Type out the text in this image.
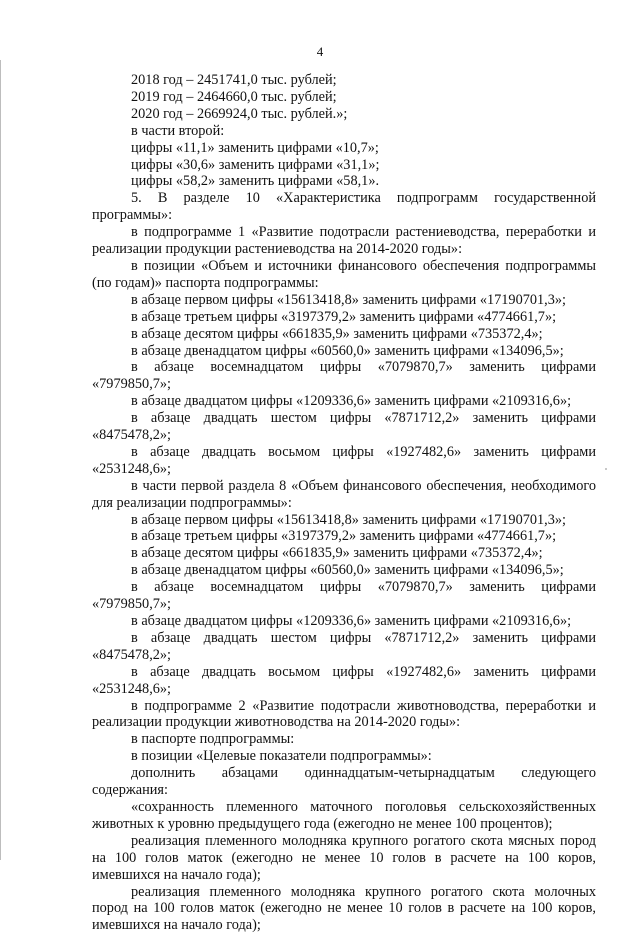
4

2018 год – 2451741,0 тыс. рублей;

2019 год – 2464660,0 тыс. рублей;

2020 год – 2669924,0 тыс. рублей.»;

в части второй:

цифры «11,1» заменить цифрами «10,7»;

цифры «30,6» заменить цифрами «31,1»;

цифры «58,2» заменить цифрами «58,1».

5. В разделе 10 «Характеристика подпрограмм государственной программы»:

в подпрограмме 1 «Развитие подотрасли растениеводства, переработки и реализации продукции растениеводства на 2014-2020 годы»:

в позиции «Объем и источники финансового обеспечения подпрограммы (по годам)» паспорта подпрограммы:

в абзаце первом цифры «15613418,8» заменить цифрами «17190701,3»;

в абзаце третьем цифры «3197379,2» заменить цифрами «4774661,7»;

в абзаце десятом цифры «661835,9» заменить цифрами «735372,4»;

в абзаце двенадцатом цифры «60560,0» заменить цифрами «134096,5»;

в абзаце восемнадцатом цифры «7079870,7» заменить цифрами «7979850,7»;

в абзаце двадцатом цифры «1209336,6» заменить цифрами «2109316,6»;

в абзаце двадцать шестом цифры «7871712,2» заменить цифрами «8475478,2»;

в абзаце двадцать восьмом цифры «1927482,6» заменить цифрами «2531248,6»;

в части первой раздела 8 «Объем финансового обеспечения, необходимого для реализации подпрограммы»:

в абзаце первом цифры «15613418,8» заменить цифрами «17190701,3»;

в абзаце третьем цифры «3197379,2» заменить цифрами «4774661,7»;

в абзаце десятом цифры «661835,9» заменить цифрами «735372,4»;

в абзаце двенадцатом цифры «60560,0» заменить цифрами «134096,5»;

в абзаце восемнадцатом цифры «7079870,7» заменить цифрами «7979850,7»;

в абзаце двадцатом цифры «1209336,6» заменить цифрами «2109316,6»;

в абзаце двадцать шестом цифры «7871712,2» заменить цифрами «8475478,2»;

в абзаце двадцать восьмом цифры «1927482,6» заменить цифрами «2531248,6»;

в подпрограмме 2 «Развитие подотрасли животноводства, переработки и реализации продукции животноводства на 2014-2020 годы»:

в паспорте подпрограммы:

в позиции «Целевые показатели подпрограммы»:

дополнить абзацами одиннадцатым-четырнадцатым следующего содержания:

«сохранность племенного маточного поголовья сельскохозяйственных животных к уровню предыдущего года (ежегодно не менее 100 процентов);

реализация племенного молодняка крупного рогатого скота мясных пород на 100 голов маток (ежегодно не менее 10 голов в расчете на 100 коров, имевшихся на начало года);

реализация племенного молодняка крупного рогатого скота молочных пород на 100 голов маток (ежегодно не менее 10 голов в расчете на 100 коров, имевшихся на начало года);
